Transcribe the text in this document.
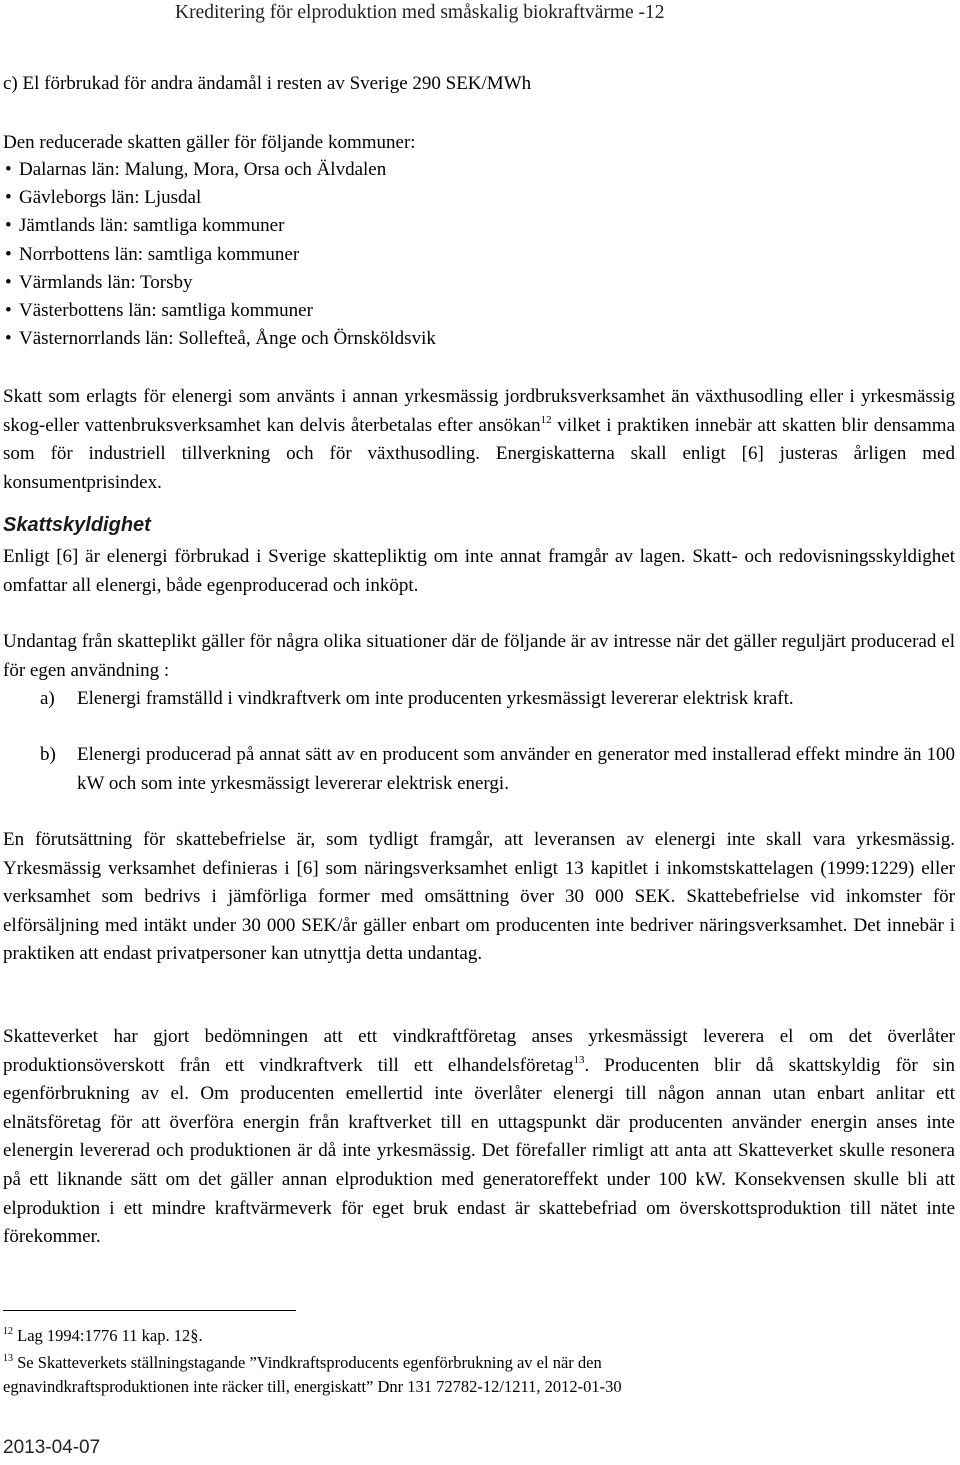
Kreditering för elproduktion med småskalig biokraftvärme -12
c) El förbrukad för andra ändamål i resten av Sverige 290 SEK/MWh
Den reducerade skatten gäller för följande kommuner:
• Dalarnas län: Malung, Mora, Orsa och Älvdalen
• Gävleborgs län: Ljusdal
• Jämtlands län: samtliga kommuner
• Norrbottens län: samtliga kommuner
• Värmlands län: Torsby
• Västerbottens län: samtliga kommuner
• Västernorrlands län: Sollefteå, Ånge och Örnsköldsvik

Skatt som erlagts för elenergi som använts i annan yrkesmässig jordbruksverksamhet än växthusodling eller i yrkesmässig skog-eller vattenbruksverksamhet kan delvis återbetalas efter ansökan$^{12}$ vilket i praktiken innebär att skatten blir densamma som för industriell tillverkning och för växthusodling. Energiskatterna skall enligt [6] justeras årligen med konsumentprisindex.

Skattskyldighet

Enligt [6] är elenergi förbrukad i Sverige skattepliktig om inte annat framgår av lagen. Skatt- och redovisningsskyldighet omfattar all elenergi, både egenproducerad och inköpt.

Undantag från skatteplikt gäller för några olika situationer där de följande är av intresse när det gäller reguljärt producerad el för egen användning :

a) Elenergi framställd i vindkraftverk om inte producenten yrkesmässigt levererar elektrisk kraft.
b) Elenergi producerad på annat sätt av en producent som använder en generator med installerad effekt mindre än 100 kW och som inte yrkesmässigt levererar elektrisk energi.

En förutsättning för skattebefrielse är, som tydligt framgår, att leveransen av elenergi inte skall vara yrkesmässig. Yrkesmässig verksamhet definieras i [6] som näringsverksamhet enligt 13 kapitlet i inkomstskattelagen (1999:1229) eller verksamhet som bedrivs i jämförliga former med omsättning över 30 000 SEK. Skattebefrielse vid inkomster för elförsäljning med intäkt under 30 000 SEK/år gäller enbart om producenten inte bedriver näringsverksamhet. Det innebär i praktiken att endast privatpersoner kan utnyttja detta undantag.

Skatteverket har gjort bedömningen att ett vindkraftföretag anses yrkesmässigt leverera el om det överlåter produktionsöverskott från ett vindkraftverk till ett elhandelsföretag$^{13}$. Producenten blir då skattskyldig för sin egenförbrukning av el. Om producenten emellertid inte överlåter elenergi till någon annan utan enbart anlitar ett elnätsföretag för att överföra energin från kraftverket till en uttagspunkt där producenten använder energin anses inte elenergin levererad och produktionen är då inte yrkesmässig. Det förefaller rimligt att anta att Skatteverket skulle resonera på ett liknande sätt om det gäller annan elproduktion med generatoreffekt under 100 kW. Konsekvensen skulle bli att elproduktion i ett mindre kraftvärmeverk för eget bruk endast är skattebefriad om överskottsproduktion till nätet inte förekommer.

$^{12}$ Lag 1994:1776 11 kap. 12§.
$^{13}$ Se Skatteverkets ställningstagande ”Vindkraftsproducents egenförbrukning av el när den
egnavindkraftsproduktionen inte räcker till, energiskatt” Dnr 131 72782-12/1211, 2012-01-30
2013-04-07
